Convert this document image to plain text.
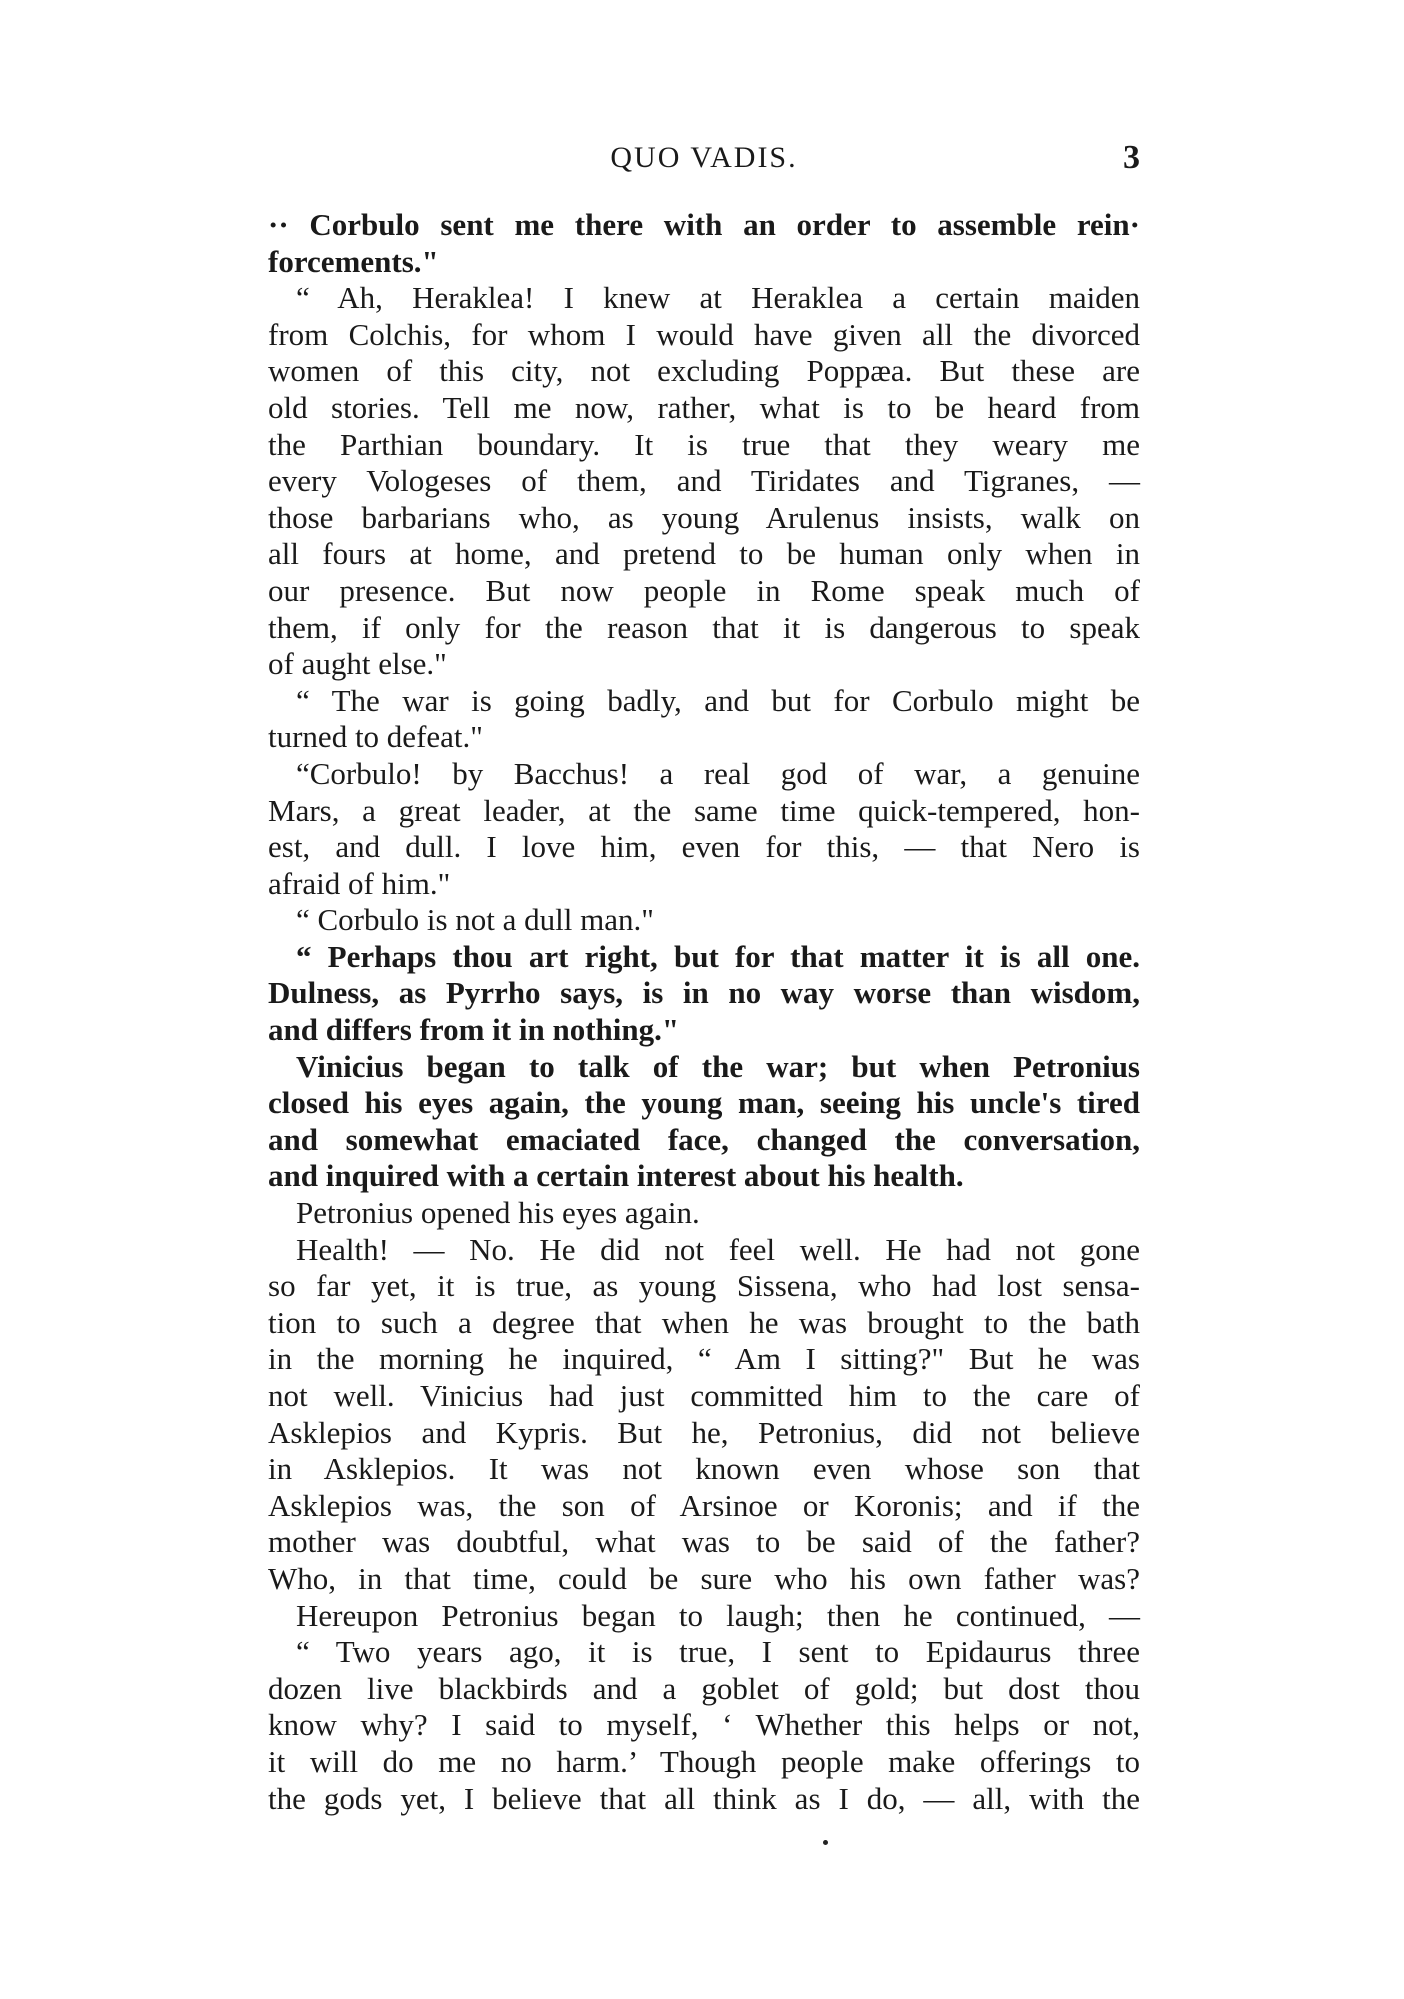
QUO VADIS.	3
·· Corbulo sent me there with an order to assemble rein·
forcements."
“ Ah, Heraklea! I knew at Heraklea a certain maiden
from Colchis, for whom I would have given all the divorced
women of this city, not excluding Poppæa. But these are
old stories. Tell me now, rather, what is to be heard from
the Parthian boundary. It is true that they weary me
every Vologeses of them, and Tiridates and Tigranes, —
those barbarians who, as young Arulenus insists, walk on
all fours at home, and pretend to be human only when in
our presence. But now people in Rome speak much of
them, if only for the reason that it is dangerous to speak
of aught else."
“ The war is going badly, and but for Corbulo might be
turned to defeat."
“Corbulo! by Bacchus! a real god of war, a genuine
Mars, a great leader, at the same time quick-tempered, hon-
est, and dull. I love him, even for this, — that Nero is
afraid of him."
“ Corbulo is not a dull man."
“ Perhaps thou art right, but for that matter it is all one.
Dulness, as Pyrrho says, is in no way worse than wisdom,
and differs from it in nothing."
Vinicius began to talk of the war; but when Petronius
closed his eyes again, the young man, seeing his uncle's tired
and somewhat emaciated face, changed the conversation,
and inquired with a certain interest about his health.
Petronius opened his eyes again.
Health! — No. He did not feel well. He had not gone
so far yet, it is true, as young Sissena, who had lost sensa-
tion to such a degree that when he was brought to the bath
in the morning he inquired, “ Am I sitting?" But he was
not well. Vinicius had just committed him to the care of
Asklepios and Kypris. But he, Petronius, did not believe
in Asklepios. It was not known even whose son that
Asklepios was, the son of Arsinoe or Koronis; and if the
mother was doubtful, what was to be said of the father?
Who, in that time, could be sure who his own father was?
Hereupon Petronius began to laugh; then he continued, —
“ Two years ago, it is true, I sent to Epidaurus three
dozen live blackbirds and a goblet of gold; but dost thou
know why? I said to myself, ‘ Whether this helps or not,
it will do me no harm.’ Though people make offerings to
the gods yet, I believe that all think as I do, — all, with the
